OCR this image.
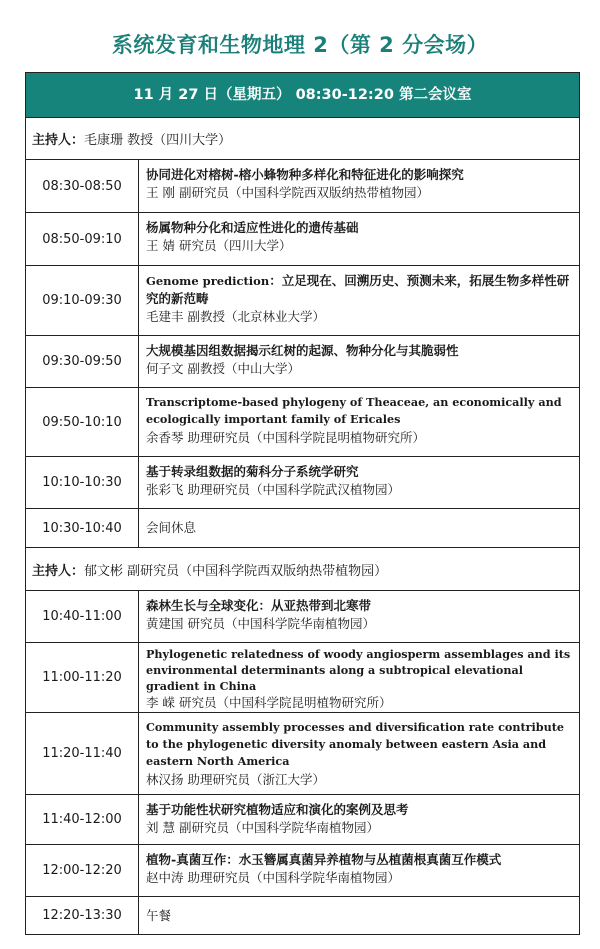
系统发育和生物地理 2（第 2 分会场）
11 月 27 日（星期五） 08:30-12:20 第二会议室
主持人： 毛康珊 教授（四川大学）
08:30-08:50
协同进化对榕树-榕小蜂物种多样化和特征进化的影响探究
王 刚 副研究员（中国科学院西双版纳热带植物园）
08:50-09:10
杨属物种分化和适应性进化的遗传基础
王 婧 研究员（四川大学）
09:10-09:30
Genome prediction：立足现在、回溯历史、预测未来，拓展生物多样性研究的新范畴
毛建丰 副教授（北京林业大学）
09:30-09:50
大规模基因组数据揭示红树的起源、物种分化与其脆弱性
何子文 副教授（中山大学）
09:50-10:10
Transcriptome-based phylogeny of Theaceae, an economically and ecologically important family of Ericales
余香琴 助理研究员（中国科学院昆明植物研究所）
10:10-10:30
基于转录组数据的菊科分子系统学研究
张彩飞 助理研究员（中国科学院武汉植物园）
10:30-10:40	会间休息
主持人： 郁文彬 副研究员（中国科学院西双版纳热带植物园）
10:40-11:00
森林生长与全球变化：从亚热带到北寒带
黄建国 研究员（中国科学院华南植物园）
11:00-11:20
Phylogenetic relatedness of woody angiosperm assemblages and its environmental determinants along a subtropical elevational gradient in China
李 嵘 研究员（中国科学院昆明植物研究所）
11:20-11:40
Community assembly processes and diversification rate contribute to the phylogenetic diversity anomaly between eastern Asia and eastern North America
林汉扬 助理研究员（浙江大学）
11:40-12:00
基于功能性状研究植物适应和演化的案例及思考
刘 慧 副研究员（中国科学院华南植物园）
12:00-12:20
植物-真菌互作：水玉簪属真菌异养植物与丛植菌根真菌互作模式
赵中涛 助理研究员（中国科学院华南植物园）
12:20-13:30	午餐
